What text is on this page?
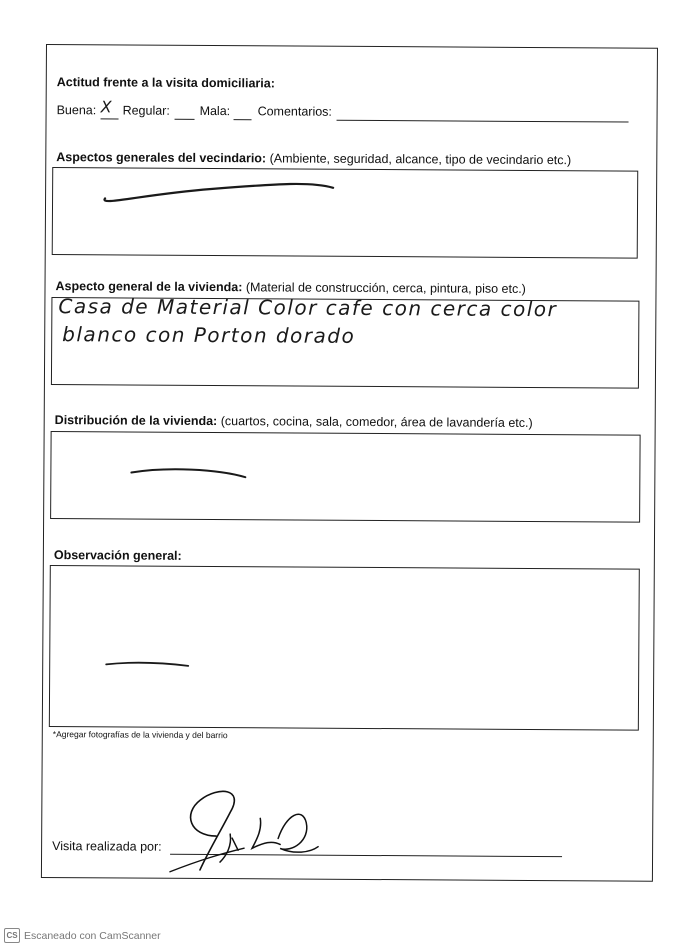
Actitud frente a la visita domiciliaria:
Buena: X Regular: Mala: Comentarios:
Aspectos generales del vecindario: (Ambiente, seguridad, alcance, tipo de vecindario etc.)
Aspecto general de la vivienda: (Material de construcción, cerca, pintura, piso etc.)
Casa de Material Color cafe con cerca color
blanco con Porton dorado
Distribución de la vivienda: (cuartos, cocina, sala, comedor, área de lavandería etc.)
Observación general:
*Agregar fotografías de la vivienda y del barrio
Visita realizada por:
CS Escaneado con CamScanner
